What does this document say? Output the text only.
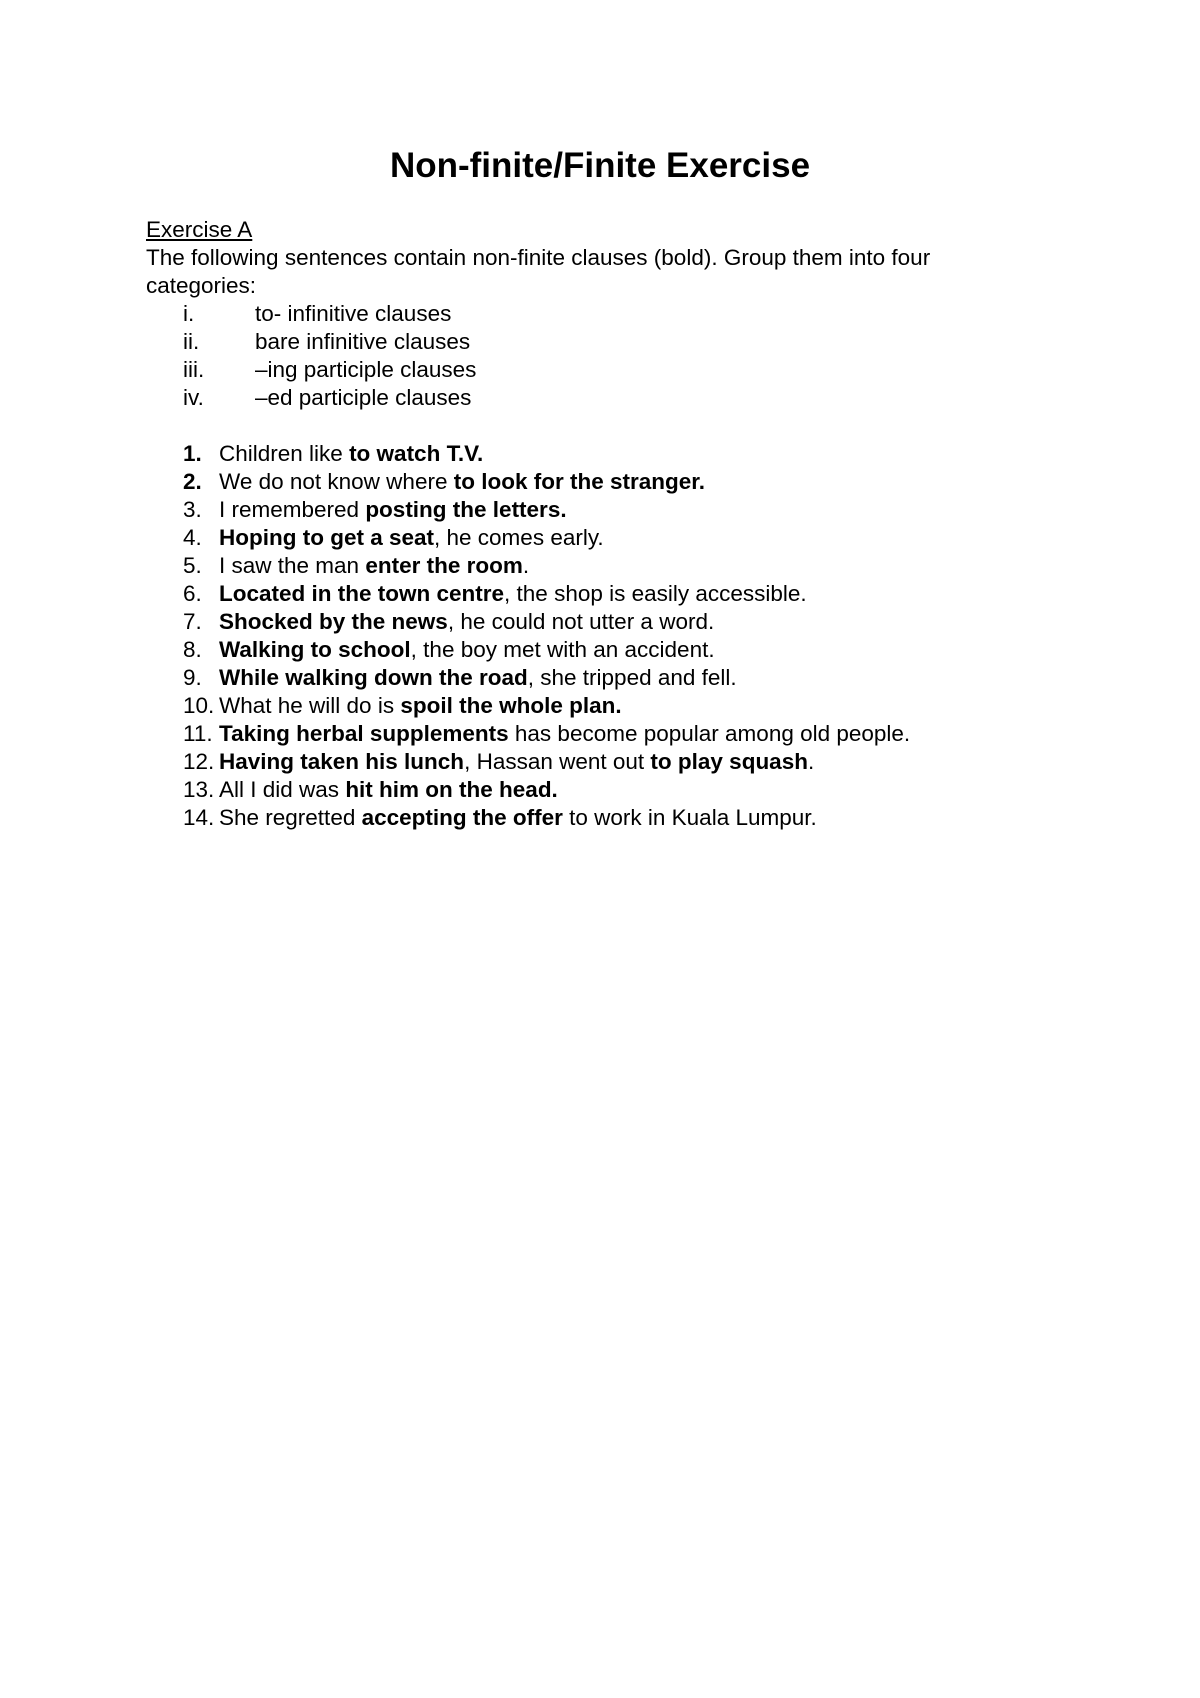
Non-finite/Finite Exercise
Exercise A
The following sentences contain non-finite clauses (bold). Group them into four categories:
i.	to- infinitive clauses
ii. bare infinitive clauses
iii. –ing participle clauses
iv. –ed participle clauses
1. Children like to watch T.V.
2. We do not know where to look for the stranger.
3. I remembered posting the letters.
4. Hoping to get a seat, he comes early.
5. I saw the man enter the room.
6. Located in the town centre, the shop is easily accessible.
7. Shocked by the news, he could not utter a word.
8. Walking to school, the boy met with an accident.
9. While walking down the road, she tripped and fell.
10. What he will do is spoil the whole plan.
11. Taking herbal supplements has become popular among old people.
12. Having taken his lunch, Hassan went out to play squash.
13. All I did was hit him on the head.
14. She regretted accepting the offer to work in Kuala Lumpur.
